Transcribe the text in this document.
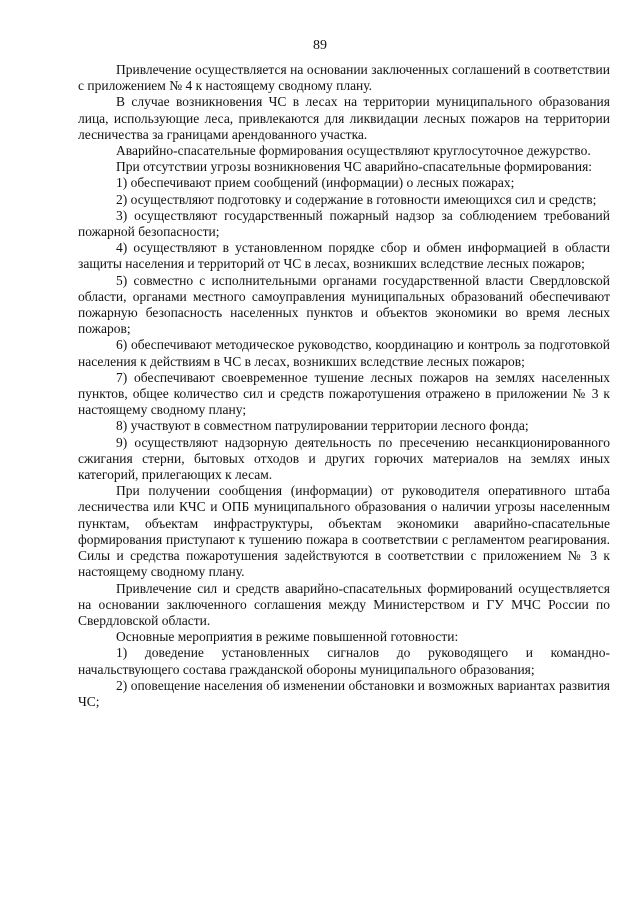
89

Привлечение осуществляется на основании заключенных соглашений в соответствии с приложением № 4 к настоящему сводному плану.

В случае возникновения ЧС в лесах на территории муниципального образования лица, использующие леса, привлекаются для ликвидации лесных пожаров на территории лесничества за границами арендованного участка.

Аварийно-спасательные формирования осуществляют круглосуточное дежурство.

При отсутствии угрозы возникновения ЧС аварийно-спасательные формирования:

1) обеспечивают прием сообщений (информации) о лесных пожарах;

2) осуществляют подготовку и содержание в готовности имеющихся сил и средств;

3) осуществляют государственный пожарный надзор за соблюдением требований пожарной безопасности;

4) осуществляют в установленном порядке сбор и обмен информацией в области защиты населения и территорий от ЧС в лесах, возникших вследствие лесных пожаров;

5) совместно с исполнительными органами государственной власти Свердловской области, органами местного самоуправления муниципальных образований обеспечивают пожарную безопасность населенных пунктов и объектов экономики во время лесных пожаров;

6) обеспечивают методическое руководство, координацию и контроль за подготовкой населения к действиям в ЧС в лесах, возникших вследствие лесных пожаров;

7) обеспечивают своевременное тушение лесных пожаров на землях населенных пунктов, общее количество сил и средств пожаротушения отражено в приложении № 3 к настоящему сводному плану;

8) участвуют в совместном патрулировании территории лесного фонда;

9) осуществляют надзорную деятельность по пресечению несанкционированного сжигания стерни, бытовых отходов и других горючих материалов на землях иных категорий, прилегающих к лесам.

При получении сообщения (информации) от руководителя оперативного штаба лесничества или КЧС и ОПБ муниципального образования о наличии угрозы населенным пунктам, объектам инфраструктуры, объектам экономики аварийно-спасательные формирования приступают к тушению пожара в соответствии с регламентом реагирования. Силы и средства пожаротушения задействуются в соответствии с приложением № 3 к настоящему сводному плану.

Привлечение сил и средств аварийно-спасательных формирований осуществляется на основании заключенного соглашения между Министерством и ГУ МЧС России по Свердловской области.

Основные мероприятия в режиме повышенной готовности:

1) доведение установленных сигналов до руководящего и командно-начальствующего состава гражданской обороны муниципального образования;

2) оповещение населения об изменении обстановки и возможных вариантах развития ЧС;
